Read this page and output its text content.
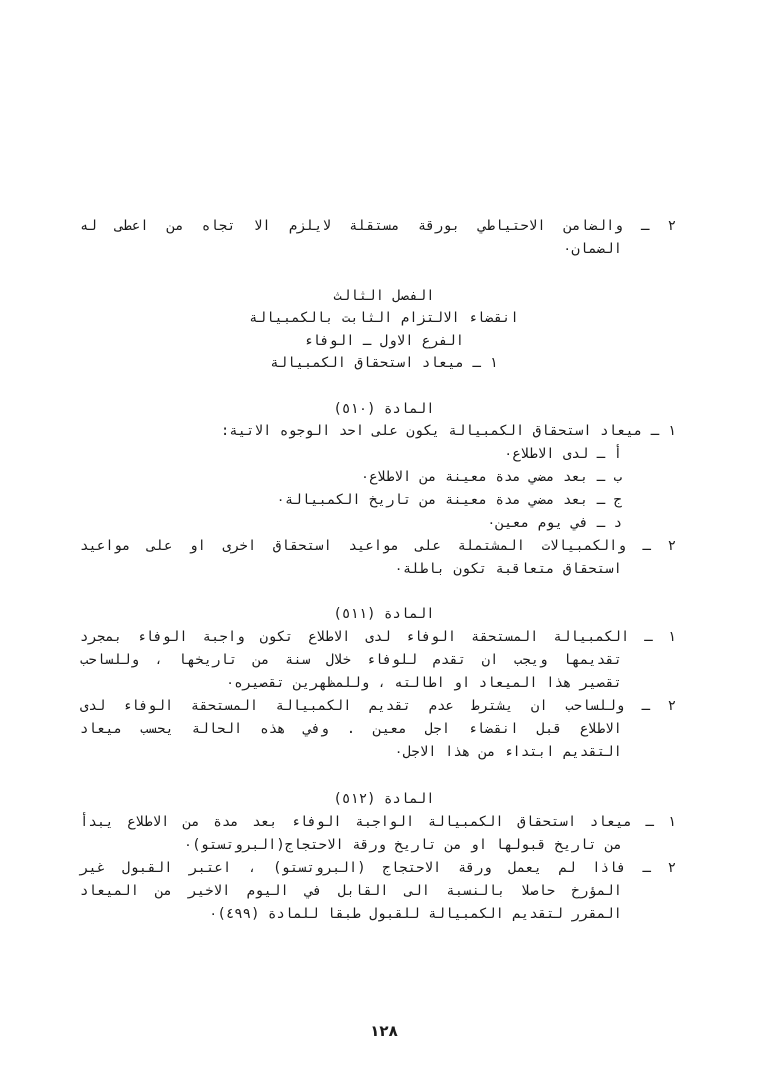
٢ ـ والضامن الاحتياطي بورقة مستقلة لايلزم الا تجاه من اعطى له

الضمان٠

الفصل الثالث

انقضاء الالتزام الثابت بالكمبيالة

الفرع الاول ـ الوفاء

١ ـ ميعاد استحقاق الكمبيالة

المادة (٥١٠)

١ ـ ميعاد استحقاق الكمبيالة يكون على احد الوجوه الاتية:

أ ـ لدى الاطلاع٠

ب ـ بعد مضي مدة معينة من الاطلاع٠

ج ـ بعد مضي مدة معينة من تاريخ الكمبيالة٠

د ـ في يوم معين٠

٢ ـ والكمبيالات المشتملة على مواعيد استحقاق اخرى او على مواعيد

استحقاق متعاقبة تكون باطلة٠

المادة (٥١١)

١ ـ الكمبيالة المستحقة الوفاء لدى الاطلاع تكون واجبة الوفاء بمجرد

تقديمها ويجب ان تقدم للوفاء خلال سنة من تاريخها ، وللساحب

تقصير هذا الميعاد او اطالته ، وللمظهرين تقصيره٠

٢ ـ وللساحب ان يشترط عدم تقديم الكمبيالة المستحقة الوفاء لدى

الاطلاع قبل انقضاء اجل معين . وفي هذه الحالة يحسب ميعاد

التقديم ابتداء من هذا الاجل٠

المادة (٥١٢)

١ ـ ميعاد استحقاق الكمبيالة الواجبة الوفاء بعد مدة من الاطلاع يبدأ

من تاريخ قبولها او من تاريخ ورقة الاحتجاج(البروتستو)٠

٢ ـ فاذا لم يعمل ورقة الاحتجاج (البروتستو) ، اعتبر القبول غير

المؤرخ حاصلا بالنسبة الى القابل في اليوم الاخير من الميعاد

المقرر لتقديم الكمبيالة للقبول طبقا للمادة (٤٩٩)٠

١٢٨
